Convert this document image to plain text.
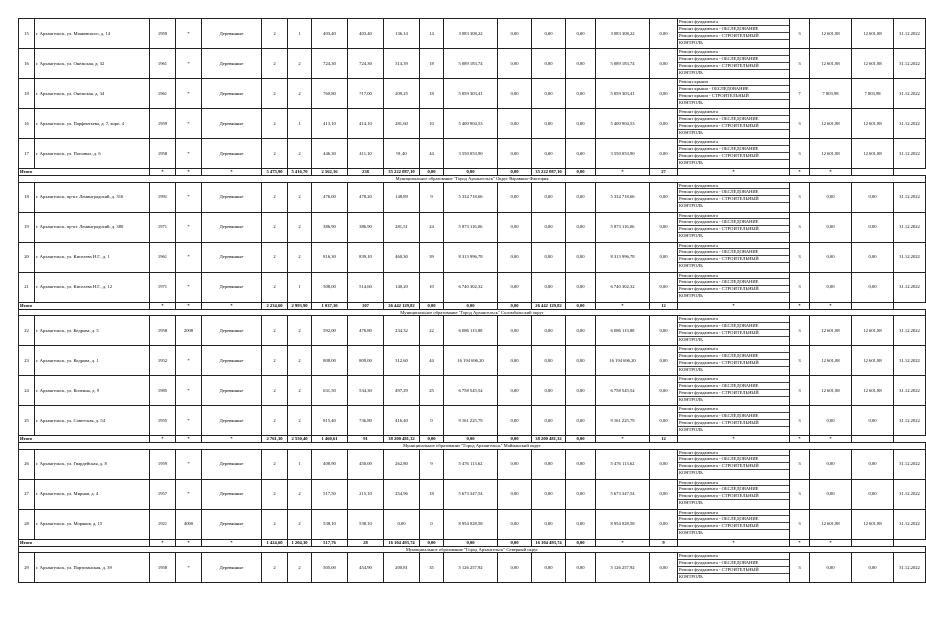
15	г. Архангельск, ул. Маяковского, д. 14	1959	*	Деревянные	2	1	403,40	403,40	136,14	14	3 083 308,22	0,00	0,00	0,00	3 083 308,22	0,00	Ремонт фундамента
Ремонт фундамента - ОБСЛЕДОВАНИЕ
Ремонт фундамента - СТРОИТЕЛЬНЫЙ
КОНТРОЛЬ	3	12 601,88	12 601,88	31.12.2022
16	г. Архангельск, ул. Онежская, д. 32	1961	*	Деревянные	2	2	724,30	724,30	314,39	18	5 089 183,74	0,00	0,00	0,00	5 089 183,74	0,00	Ремонт фундамента
Ремонт фундамента - ОБСЛЕДОВАНИЕ
Ремонт фундамента - СТРОИТЕЛЬНЫЙ
КОНТРОЛЬ	3	12 601,88	12 601,88	31.12.2022
18	г. Архангельск, ул. Онежская, д. 34	1961	*	Деревянные	2	2	760,80	717,00	209,25	18	5 059 303,41	0,00	0,00	0,00	5 059 303,41	0,00	Ремонт крыши
Ремонт крыши - ОБСЛЕДОВАНИЕ
Ремонт крыши - СТРОИТЕЛЬНЫЙ
КОНТРОЛЬ	7	7 803,98	7 803,98	31.12.2022
16	г. Архангельск, ул. Парфентьева, д. 7, корп. 4	1959	*	Деревянные	2	1	413,10	414,10	281,60	10	5 400 904,53	0,00	0,00	0,00	5 400 904,53	0,00	Ремонт фундамента
Ремонт фундамента - ОБСЛЕДОВАНИЕ
Ремонт фундамента - СТРОИТЕЛЬНЫЙ
КОНТРОЛЬ	3	12 601,88	12 601,88	31.12.2022
17	г. Архангельск, ул. Поповых, д. 6	1958	*	Деревянные	2	2	446,30	411,10	91,40	44	3 550 053,90	0,00	0,00	0,00	3 550 053,90	0,00	Ремонт фундамента
Ремонт фундамента - ОБСЛЕДОВАНИЕ
Ремонт фундамента - СТРОИТЕЛЬНЫЙ
КОНТРОЛЬ	3	12 601,88	12 601,88	31.12.2022
Итого		*	*	*	5 475,90	5 416,70	2 562,16	238	35 222 087,10	0,00	0,00	0,00	35 222 087,10	0,00	*	27	*	*	*		
Муниципальное образование "Город Архангельск" Округ Варавино-Фактория																					
18	г. Архангельск, пр-кт. Ленинградский, д. 316	1991	*	Деревянные	2	2	476,00	478,20	148,89	9	5 334 718,66	0,00	0,00	0,00	5 334 718,66	0,00	Ремонт фундамента
Ремонт фундамента - ОБСЛЕДОВАНИЕ
Ремонт фундамента - СТРОИТЕЛЬНЫЙ
КОНТРОЛЬ	3	0,00	0,00	31.12.2022
19	г. Архангельск, пр-кт. Ленинградский, д. 380	1971	*	Деревянные	2	2	386,90	386,90	281,51	24	5 873 116,06	0,00	0,00	0,00	5 873 116,06	0,00	Ремонт фундамента
Ремонт фундамента - ОБСЛЕДОВАНИЕ
Ремонт фундамента - СТРОИТЕЛЬНЫЙ
КОНТРОЛЬ	3	0,00	0,00	31.12.2022
20	г. Архангельск, ул. Киселева Н.Г., д. 1	1961	*	Деревянные	2	2	816,30	839,10	460,30	39	8 313 996,78	0,00	0,00	0,00	8 313 996,78	0,00	Ремонт фундамента
Ремонт фундамента - ОБСЛЕДОВАНИЕ
Ремонт фундамента - СТРОИТЕЛЬНЫЙ
КОНТРОЛЬ	3	0,00	0,00	31.12.2022
21	г. Архангельск, ул. Киселева Н.Г., д. 12	1971	*	Деревянные	2	1	508,00	514,60	140,20	10	6 740 302,32	0,00	0,00	0,00	6 740 302,32	0,00	Ремонт фундамента
Ремонт фундамента - ОБСЛЕДОВАНИЕ
Ремонт фундамента - СТРОИТЕЛЬНЫЙ
КОНТРОЛЬ	3	0,00	0,00	31.12.2022
Итого		*	*	*	2 234,60	2 993,90	1 037,10	107	26 442 129,82	0,00	0,00	0,00	26 442 129,82	0,00	*	12	*	*	*		
Муниципальное образование "Город Архангельск" Соломбальский округ																					
22	г. Архангельск, ул. Кедрова, д. 5	1958	2008	Деревянные	2	2	592,00	476,80	234,32	22	6 086 113,88	0,00	0,00	0,00	6 086 113,88	0,00	Ремонт фундамента
Ремонт фундамента - ОБСЛЕДОВАНИЕ
Ремонт фундамента - СТРОИТЕЛЬНЫЙ
КОНТРОЛЬ	3	12 601,88	12 601,88	31.12.2022
23	г. Архангельск, ул. Кедрова, д. 1	1952	*	Деревянные	2	2	808,00	809,00	312,60	44	16 194 696,20	0,00	0,00	0,00	16 194 696,20	0,00	Ремонт фундамента
Ремонт фундамента - ОБСЛЕДОВАНИЕ
Ремонт фундамента - СТРОИТЕЛЬНЫЙ
КОНТРОЛЬ	3	12 601,88	12 601,88	31.12.2022
24	г. Архангельск, ул. Кочеина, д. 9	1985	*	Деревянные	2	2	631,50	534,30	497,29	25	6 758 545,54	0,00	0,00	0,00	6 758 545,54	0,00	Ремонт фундамента
Ремонт фундамента - ОБСЛЕДОВАНИЕ
Ремонт фундамента - СТРОИТЕЛЬНЫЙ
КОНТРОЛЬ	3	12 601,88	12 601,88	31.12.2022
25	г. Архангельск, ул. Советская, д. 54	1955	*	Деревянные	2	2	815,40	736,80	416,40	0	9 161 225,79	0,00	0,00	0,00	9 161 225,79	0,00	Ремонт фундамента
Ремонт фундамента - ОБСЛЕДОВАНИЕ
Ремонт фундамента - СТРОИТЕЛЬНЫЙ
КОНТРОЛЬ	3	0,00	0,00	31.12.2022
Итого		*	*	*	2 761,30	2 550,40	1 460,61	91	38 200 481,32	0,00	0,00	0,00	38 200 481,32	0,00	*	12	*	*	*		
Муниципальное образование "Город Архангельск" Майманский округ																					
26	г. Архангельск, ул. Гвардейская, д. 8	1959	*	Деревянные	2	1	408,90	450,00	262,80	9	5 476 113,62	0,00	0,00	0,00	5 476 113,62	0,00	Ремонт фундамента
Ремонт фундамента - ОБСЛЕДОВАНИЕ
Ремонт фундамента - СТРОИТЕЛЬНЫЙ
КОНТРОЛЬ	3	0,00	0,00	31.12.2022
27	г. Архангельск, ул. Мирная, д. 4	1957	*	Деревянные	2	2	517,50	215,10	254,96	18	5 673 347,54	0,00	0,00	0,00	5 673 347,54	0,00	Ремонт фундамента
Ремонт фундамента - ОБСЛЕДОВАНИЕ
Ремонт фундамента - СТРОИТЕЛЬНЫЙ
КОНТРОЛЬ	3	0,00	0,00	31.12.2022
28	г. Архангельск, ул. Моряков, д. 15	1921	4000	Деревянные	2	2	538,10	538,10	0,00	0	8 954 028,58	0,00	0,00	0,00	8 954 028,58	0,00	Ремонт фундамента
Ремонт фундамента - ОБСЛЕДОВАНИЕ
Ремонт фундамента - СТРОИТЕЛЬНЫЙ
КОНТРОЛЬ	3	12 601,88	12 601,88	31.12.2022
Итого		*	*	*	1 424,60	1 204,30	517,76	28	16 104 493,74	0,00	0,00	0,00	16 104 493,74	0,00	*	9	*	*	*		
Муниципальное образование "Город Архангельск" Северный округ																					
29	г. Архангельск, ул. Партизанская, д. 39	1958	*	Деревянные	2	2	505,00	454,90	200,81	35	5 126 257,92	0,00	0,00	0,00	5 126 257,92	0,00	Ремонт фундамента
Ремонт фундамента - ОБСЛЕДОВАНИЕ
Ремонт фундамента - СТРОИТЕЛЬНЫЙ
КОНТРОЛЬ	3	0,00	0,00	31.12.2022
